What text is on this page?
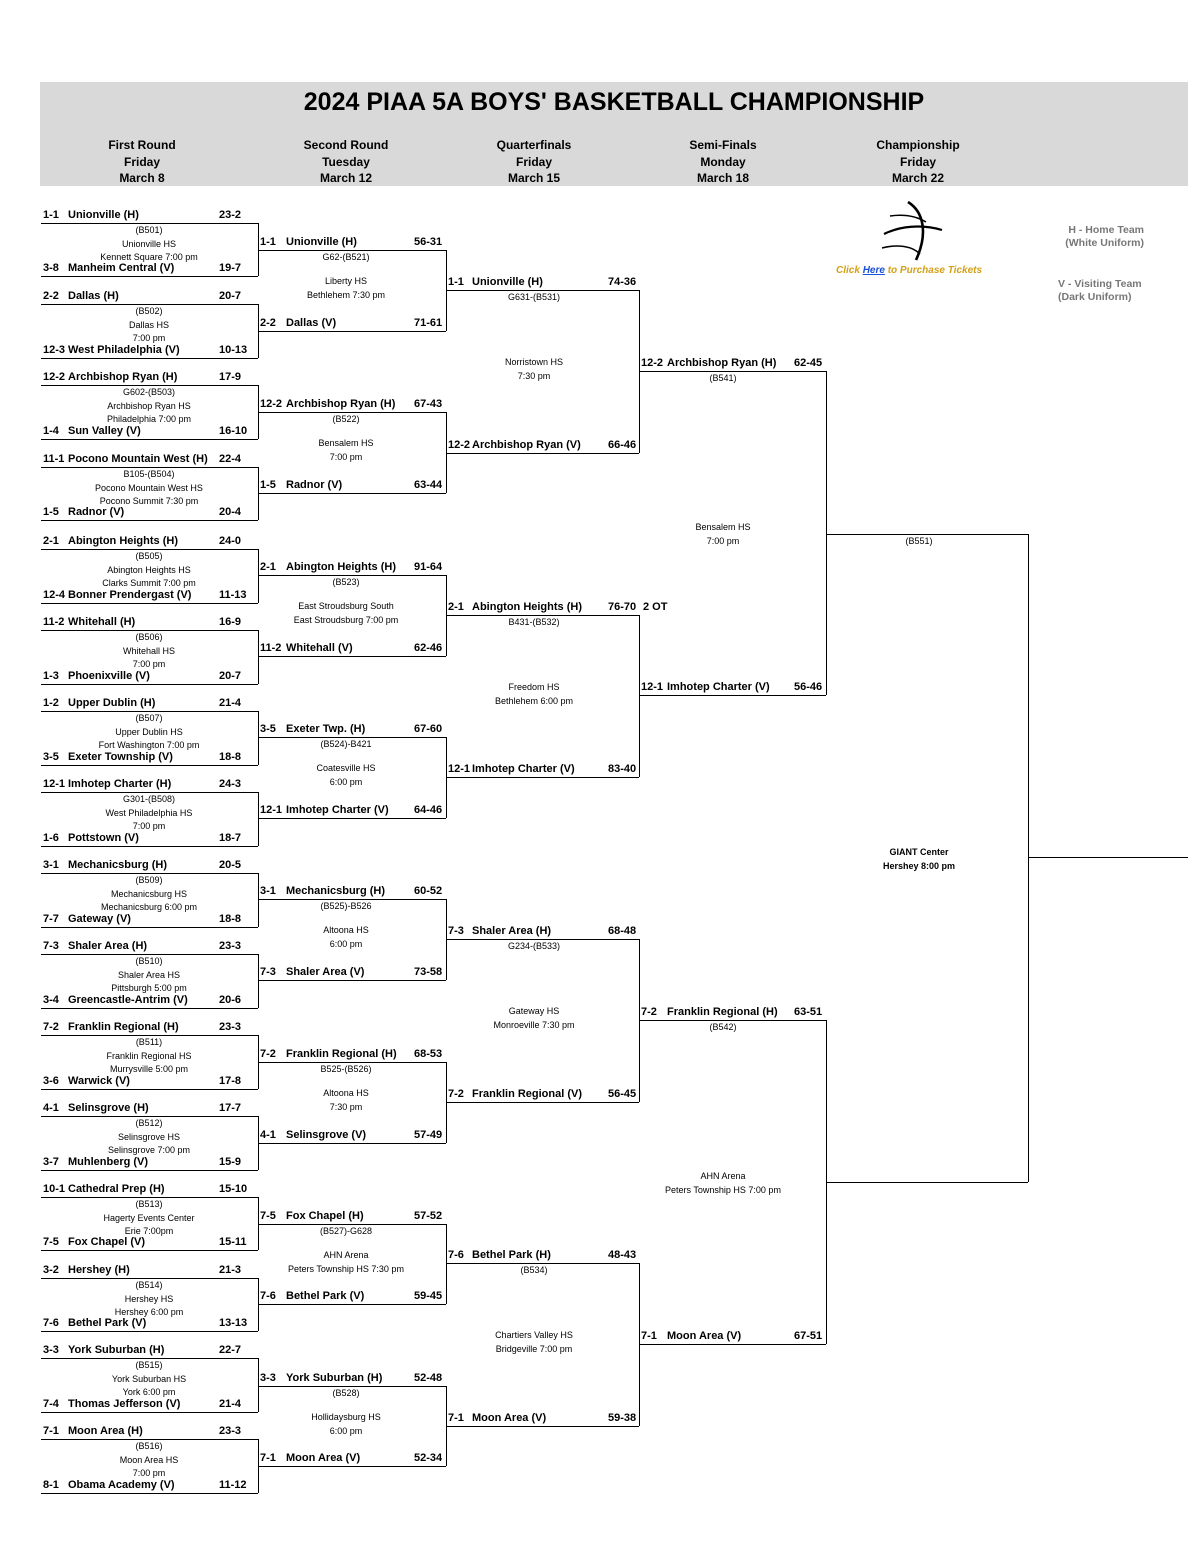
2024 PIAA 5A BOYS' BASKETBALL CHAMPIONSHIP
First Round
Friday
March 8
Second Round
Tuesday
March 12
Quarterfinals
Friday
March 15
Semi-Finals
Monday
March 18
Championship
Friday
March 22
Click Here to Purchase Tickets
H - Home Team
(White Uniform)
V - Visiting Team
(Dark Uniform)
1-1 Unionville (H)	23-2
3-8 Manheim Central (V)	19-7
2-2 Dallas (H)	20-7
12-3 West Philadelphia (V)	10-13
12-2 Archbishop Ryan (H)	17-9
1-4 Sun Valley (V)	16-10
11-1 Pocono Mountain West (H) 22-4
1-5 Radnor (V)	20-4
2-1 Abington Heights (H)	24-0
12-4 Bonner Prendergast (V)	11-13
11-2 Whitehall (H)	16-9
1-3 Phoenixville (V)	20-7
1-2 Upper Dublin (H)	21-4
3-5 Exeter Township (V)	18-8
12-1 Imhotep Charter (H)	24-3
1-6 Pottstown (V)	18-7
3-1 Mechanicsburg (H)	20-5
7-7 Gateway (V)	18-8
7-3 Shaler Area (H)	23-3
3-4 Greencastle-Antrim (V)	20-6
7-2 Franklin Regional (H)	23-3
3-6 Warwick (V)	17-8
4-1 Selinsgrove (H)	17-7
3-7 Muhlenberg (V)	15-9
10-1 Cathedral Prep (H)	15-10
7-5 Fox Chapel (V)	15-11
3-2 Hershey (H)	21-3
7-6 Bethel Park (V)	13-13
3-3 York Suburban (H)	22-7
7-4 Thomas Jefferson (V)	21-4
7-1 Moon Area (H)	23-3
8-1 Obama Academy (V)	11-12
(B501)
Unionville HS
Kennett Square 7:00 pm
(B502)
Dallas HS
7:00 pm
G602-(B503)
Archbishop Ryan HS
Philadelphia 7:00 pm
B105-(B504)
Pocono Mountain West HS
Pocono Summit 7:30 pm
(B505)
Abington Heights HS
Clarks Summit 7:00 pm
(B506)
Whitehall HS
7:00 pm
(B507)
Upper Dublin HS
Fort Washington 7:00 pm
G301-(B508)
West Philadelphia HS
7:00 pm
(B509)
Mechanicsburg HS
Mechanicsburg 6:00 pm
(B510)
Shaler Area HS
Pittsburgh 5:00 pm
(B511)
Franklin Regional HS
Murrysville 5:00 pm
(B512)
Selinsgrove HS
Selinsgrove 7:00 pm
(B513)
Hagerty Events Center
Erie 7:00pm
(B514)
Hershey HS
Hershey 6:00 pm
(B515)
York Suburban HS
York 6:00 pm
(B516)
Moon Area HS
7:00 pm
1-1 Unionville (H)	56-31
2-2 Dallas (V)	71-61
12-2 Archbishop Ryan (H) 67-43
1-5 Radnor (V)	63-44
2-1 Abington Heights (H) 91-64
11-2 Whitehall (V)	62-46
3-5 Exeter Twp. (H)	67-60
12-1 Imhotep Charter (V) 64-46
3-1 Mechanicsburg (H)	60-52
7-3 Shaler Area (V)	73-58
7-2 Franklin Regional (H) 68-53
4-1 Selinsgrove (V)	57-49
7-5 Fox Chapel (H)	57-52
7-6 Bethel Park (V)	59-45
3-3 York Suburban (H)	52-48
7-1 Moon Area (V)	52-34
G62-(B521)
Liberty HS
Bethlehem 7:30 pm
(B522)
Bensalem HS
7:00 pm
(B523)
East Stroudsburg South
East Stroudsburg 7:00 pm
(B524)-B421
Coatesville HS
6:00 pm
(B525)-B526
Altoona HS
6:00 pm
B525-(B526)
Altoona HS
7:30 pm
(B527)-G628
AHN Arena
Peters Township HS 7:30 pm
(B528)
Hollidaysburg HS
6:00 pm
1-1 Unionville (H)	74-36
12-2 Archbishop Ryan (V) 66-46
2-1 Abington Heights (H) 76-70 2 OT
12-1 Imhotep Charter (V)	83-40
7-3 Shaler Area (H)	68-48
7-2 Franklin Regional (V) 56-45
7-6 Bethel Park (H)	48-43
7-1 Moon Area (V)	59-38
G631-(B531)
Norristown HS
7:30 pm
B431-(B532)
Freedom HS
Bethlehem 6:00 pm
G234-(B533)
Gateway HS
Monroeville 7:30 pm
(B534)
Chartiers Valley HS
Bridgeville 7:00 pm
12-2 Archbishop Ryan (H) 62-45
12-1 Imhotep Charter (V) 56-46
7-2 Franklin Regional (H) 63-51
7-1 Moon Area (V)	67-51
(B541)
Bensalem HS
7:00 pm
(B542)
AHN Arena
Peters Township HS 7:00 pm
(B551)
GIANT Center
Hershey 8:00 pm
